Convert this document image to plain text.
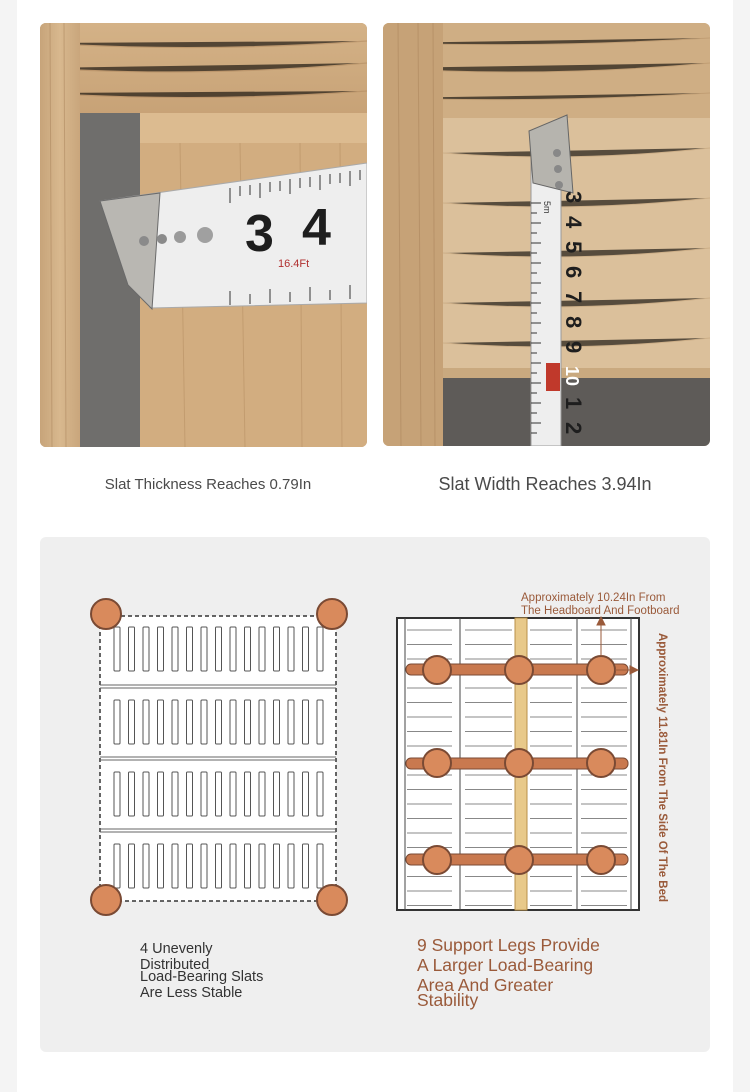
3 4
16.4Ft
3
4
5
6
7
8
9
10
1
2
5m
Slat Thickness Reaches 0.79In	Slat Width Reaches 3.94In
Approximately 10.24In From
The Headboard And Footboard
Approximately 11.81In From The Side Of The Bed
4 Unevenly
Distributed
Load-Bearing Slats
Are Less Stable
9 Support Legs Provide
A Larger Load-Bearing
Area And Greater
Stability
